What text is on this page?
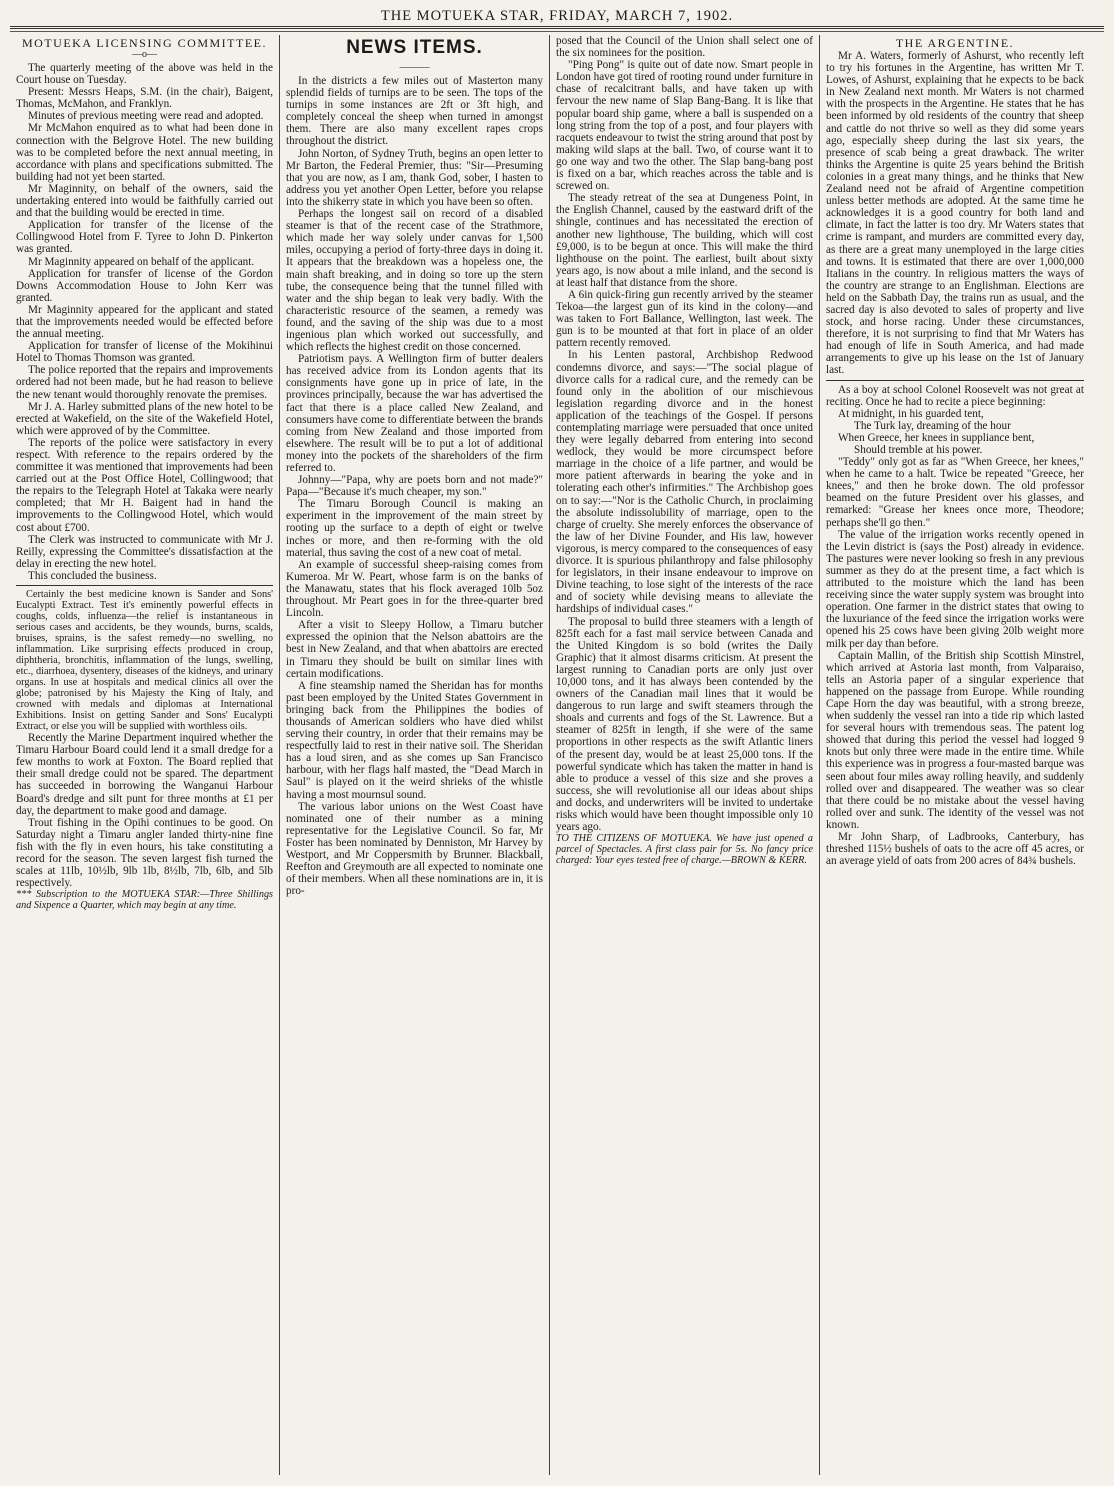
THE MOTUEKA STAR, FRIDAY, MARCH 7, 1902.
MOTUEKA LICENSING COMMITTEE.
—o—

The quarterly meeting of the above was held in the Court house on Tuesday.

Present: Messrs Heaps, S.M. (in the chair), Baigent, Thomas, McMahon, and Franklyn.

Minutes of previous meeting were read and adopted.

Mr McMahon enquired as to what had been done in connection with the Belgrove Hotel. The new building was to be completed before the next annual meeting, in accordance with plans and specifications submitted. The building had not yet been started.

Mr Maginnity, on behalf of the owners, said the undertaking entered into would be faithfully carried out and that the building would be erected in time.

Application for transfer of the license of the Collingwood Hotel from F. Tyree to John D. Pinkerton was granted.

Mr Maginnity appeared on behalf of the applicant.

Application for transfer of license of the Gordon Downs Accommodation House to John Kerr was granted.

Mr Maginnity appeared for the applicant and stated that the improvements needed would be effected before the annual meeting.

Application for transfer of license of the Mokihinui Hotel to Thomas Thomson was granted.

The police reported that the repairs and improvements ordered had not been made, but he had reason to believe the new tenant would thoroughly renovate the premises.

Mr J. A. Harley submitted plans of the new hotel to be erected at Wakefield, on the site of the Wakefield Hotel, which were approved of by the Committee.

The reports of the police were satisfactory in every respect. With reference to the repairs ordered by the committee it was mentioned that improvements had been carried out at the Post Office Hotel, Collingwood; that the repairs to the Telegraph Hotel at Takaka were nearly completed; that Mr H. Baigent had in hand the improvements to the Collingwood Hotel, which would cost about £700.

The Clerk was instructed to communicate with Mr J. Reilly, expressing the Committee's dissatisfaction at the delay in erecting the new hotel.

This concluded the business.

Certainly the best medicine known is Sander and Sons' Eucalypti Extract. Test it's eminently powerful effects in coughs, colds, influenza—the relief is instantaneous in serious cases and accidents, be they wounds, burns, scalds, bruises, sprains, is the safest remedy—no swelling, no inflammation. Like surprising effects produced in croup, diphtheria, bronchitis, inflammation of the lungs, swelling, etc., diarrhoea, dysentery, diseases of the kidneys, and urinary organs. In use at hospitals and medical clinics all over the globe; patronised by his Majesty the King of Italy, and crowned with medals and diplomas at International Exhibitions. Insist on getting Sander and Sons' Eucalypti Extract, or else you will be supplied with worthless oils.

Recently the Marine Department inquired whether the Timaru Harbour Board could lend it a small dredge for a few months to work at Foxton. The Board replied that their small dredge could not be spared. The department has succeeded in borrowing the Wanganui Harbour Board's dredge and silt punt for three months at £1 per day, the department to make good and damage.

Trout fishing in the Opihi continues to be good. On Saturday night a Timaru angler landed thirty-nine fine fish with the fly in even hours, his take constituting a record for the season. The seven largest fish turned the scales at 11lb, 10½lb, 9lb 1lb, 8½lb, 7lb, 6lb, and 5lb respectively.

*** Subscription to the MOTUEKA STAR:—Three Shillings and Sixpence a Quarter, which may begin at any time.
NEWS ITEMS.
———

In the districts a few miles out of Masterton many splendid fields of turnips are to be seen. The tops of the turnips in some instances are 2ft or 3ft high, and completely conceal the sheep when turned in amongst them. There are also many excellent rapes crops throughout the district.

John Norton, of Sydney Truth, begins an open letter to Mr Barton, the Federal Premier, thus: "Sir—Presuming that you are now, as I am, thank God, sober, I hasten to address you yet another Open Letter, before you relapse into the shikerry state in which you have been so often.

Perhaps the longest sail on record of a disabled steamer is that of the recent case of the Strathmore, which made her way solely under canvas for 1,500 miles, occupying a period of forty-three days in doing it. It appears that the breakdown was a hopeless one, the main shaft breaking, and in doing so tore up the stern tube, the consequence being that the tunnel filled with water and the ship began to leak very badly. With the characteristic resource of the seamen, a remedy was found, and the saving of the ship was due to a most ingenious plan which worked out successfully, and which reflects the highest credit on those concerned.

Patriotism pays. A Wellington firm of butter dealers has received advice from its London agents that its consignments have gone up in price of late, in the provinces principally, because the war has advertised the fact that there is a place called New Zealand, and consumers have come to differentiate between the brands coming from New Zealand and those imported from elsewhere. The result will be to put a lot of additional money into the pockets of the shareholders of the firm referred to.

Johnny—"Papa, why are poets born and not made?" Papa—"Because it's much cheaper, my son."

The Timaru Borough Council is making an experiment in the improvement of the main street by rooting up the surface to a depth of eight or twelve inches or more, and then re-forming with the old material, thus saving the cost of a new coat of metal.

An example of successful sheep-raising comes from Kumeroa. Mr W. Peart, whose farm is on the banks of the Manawatu, states that his flock averaged 10lb 5oz throughout. Mr Peart goes in for the three-quarter bred Lincoln.

After a visit to Sleepy Hollow, a Timaru butcher expressed the opinion that the Nelson abattoirs are the best in New Zealand, and that when abattoirs are erected in Timaru they should be built on similar lines with certain modifications.

A fine steamship named the Sheridan has for months past been employed by the United States Government in bringing back from the Philippines the bodies of thousands of American soldiers who have died whilst serving their country, in order that their remains may be respectfully laid to rest in their native soil. The Sheridan has a loud siren, and as she comes up San Francisco harbour, with her flags half masted, the "Dead March in Saul" is played on it the weird shrieks of the whistle having a most mournsul sound.

The various labor unions on the West Coast have nominated one of their number as a mining representative for the Legislative Council. So far, Mr Foster has been nominated by Denniston, Mr Harvey by Westport, and Mr Coppersmith by Brunner. Blackball, Reefton and Greymouth are all expected to nominate one of their members. When all these nominations are in, it is pro-

posed that the Council of the Union shall select one of the six nominees for the position.

"Ping Pong" is quite out of date now. Smart people in London have got tired of rooting round under furniture in chase of recalcitrant balls, and have taken up with fervour the new name of Slap Bang-Bang. It is like that popular board ship game, where a ball is suspended on a long string from the top of a post, and four players with racquets endeavour to twist the string around that post by making wild slaps at the ball. Two, of course want it to go one way and two the other. The Slap bang-bang post is fixed on a bar, which reaches across the table and is screwed on.

The steady retreat of the sea at Dungeness Point, in the English Channel, caused by the eastward drift of the shingle, continues and has necessitated the erection of another new lighthouse, The building, which will cost £9,000, is to be begun at once. This will make the third lighthouse on the point. The earliest, built about sixty years ago, is now about a mile inland, and the second is at least half that distance from the shore.

A 6in quick-firing gun recently arrived by the steamer Tekoa—the largest gun of its kind in the colony—and was taken to Fort Ballance, Wellington, last week. The gun is to be mounted at that fort in place of an older pattern recently removed.

In his Lenten pastoral, Archbishop Redwood condemns divorce, and says:—"The social plague of divorce calls for a radical cure, and the remedy can be found only in the abolition of our mischievous legislation regarding divorce and in the honest application of the teachings of the Gospel. If persons contemplating marriage were persuaded that once united they were legally debarred from entering into second wedlock, they would be more circumspect before marriage in the choice of a life partner, and would be more patient afterwards in bearing the yoke and in tolerating each other's infirmities." The Archbishop goes on to say:—"Nor is the Catholic Church, in proclaiming the absolute indissolubility of marriage, open to the charge of cruelty. She merely enforces the observance of the law of her Divine Founder, and His law, however vigorous, is mercy compared to the consequences of easy divorce. It is spurious philanthropy and false philosophy for legislators, in their insane endeavour to improve on Divine teaching, to lose sight of the interests of the race and of society while devising means to alleviate the hardships of individual cases."

The proposal to build three steamers with a length of 825ft each for a fast mail service between Canada and the United Kingdom is so bold (writes the Daily Graphic) that it almost disarms criticism. At present the largest running to Canadian ports are only just over 10,000 tons, and it has always been contended by the owners of the Canadian mail lines that it would be dangerous to run large and swift steamers through the shoals and currents and fogs of the St. Lawrence. But a steamer of 825ft in length, if she were of the same proportions in other respects as the swift Atlantic liners of the present day, would be at least 25,000 tons. If the powerful syndicate which has taken the matter in hand is able to produce a vessel of this size and she proves a success, she will revolutionise all our ideas about ships and docks, and underwriters will be invited to undertake risks which would have been thought impossible only 10 years ago.

TO THE CITIZENS OF MOTUEKA. We have just opened a parcel of Spectacles. A first class pair for 5s. No fancy price charged: Your eyes tested free of charge.—BROWN & KERR.
THE ARGENTINE.

Mr A. Waters, formerly of Ashurst, who recently left to try his fortunes in the Argentine, has written Mr T. Lowes, of Ashurst, explaining that he expects to be back in New Zealand next month. Mr Waters is not charmed with the prospects in the Argentine. He states that he has been informed by old residents of the country that sheep and cattle do not thrive so well as they did some years ago, especially sheep during the last six years, the presence of scab being a great drawback. The writer thinks the Argentine is quite 25 years behind the British colonies in a great many things, and he thinks that New Zealand need not be afraid of Argentine competition unless better methods are adopted. At the same time he acknowledges it is a good country for both land and climate, in fact the latter is too dry. Mr Waters states that crime is rampant, and murders are committed every day, as there are a great many unemployed in the large cities and towns. It is estimated that there are over 1,000,000 Italians in the country. In religious matters the ways of the country are strange to an Englishman. Elections are held on the Sabbath Day, the trains run as usual, and the sacred day is also devoted to sales of property and live stock, and horse racing. Under these circumstances, therefore, it is not surprising to find that Mr Waters has had enough of life in South America, and had made arrangements to give up his lease on the 1st of January last.

As a boy at school Colonel Roosevelt was not great at reciting. Once he had to recite a piece beginning:

At midnight, in his guarded tent,

The Turk lay, dreaming of the hour

When Greece, her knees in suppliance bent,

Should tremble at his power.

"Teddy" only got as far as "When Greece, her knees," when he came to a halt. Twice be repeated "Greece, her knees," and then he broke down. The old professor beamed on the future President over his glasses, and remarked: "Grease her knees once more, Theodore; perhaps she'll go then."

The value of the irrigation works recently opened in the Levin district is (says the Post) already in evidence. The pastures were never looking so fresh in any previous summer as they do at the present time, a fact which is attributed to the moisture which the land has been receiving since the water supply system was brought into operation. One farmer in the district states that owing to the luxuriance of the feed since the irrigation works were opened his 25 cows have been giving 20lb weight more milk per day than before.

Captain Mallin, of the British ship Scottish Minstrel, which arrived at Astoria last month, from Valparaiso, tells an Astoria paper of a singular experience that happened on the passage from Europe. While rounding Cape Horn the day was beautiful, with a strong breeze, when suddenly the vessel ran into a tide rip which lasted for several hours with tremendous seas. The patent log showed that during this period the vessel had logged 9 knots but only three were made in the entire time. While this experience was in progress a four-masted barque was seen about four miles away rolling heavily, and suddenly rolled over and disappeared. The weather was so clear that there could be no mistake about the vessel having rolled over and sunk. The identity of the vessel was not known.

Mr John Sharp, of Ladbrooks, Canterbury, has threshed 115½ bushels of oats to the acre off 45 acres, or an average yield of oats from 200 acres of 84¾ bushels.
